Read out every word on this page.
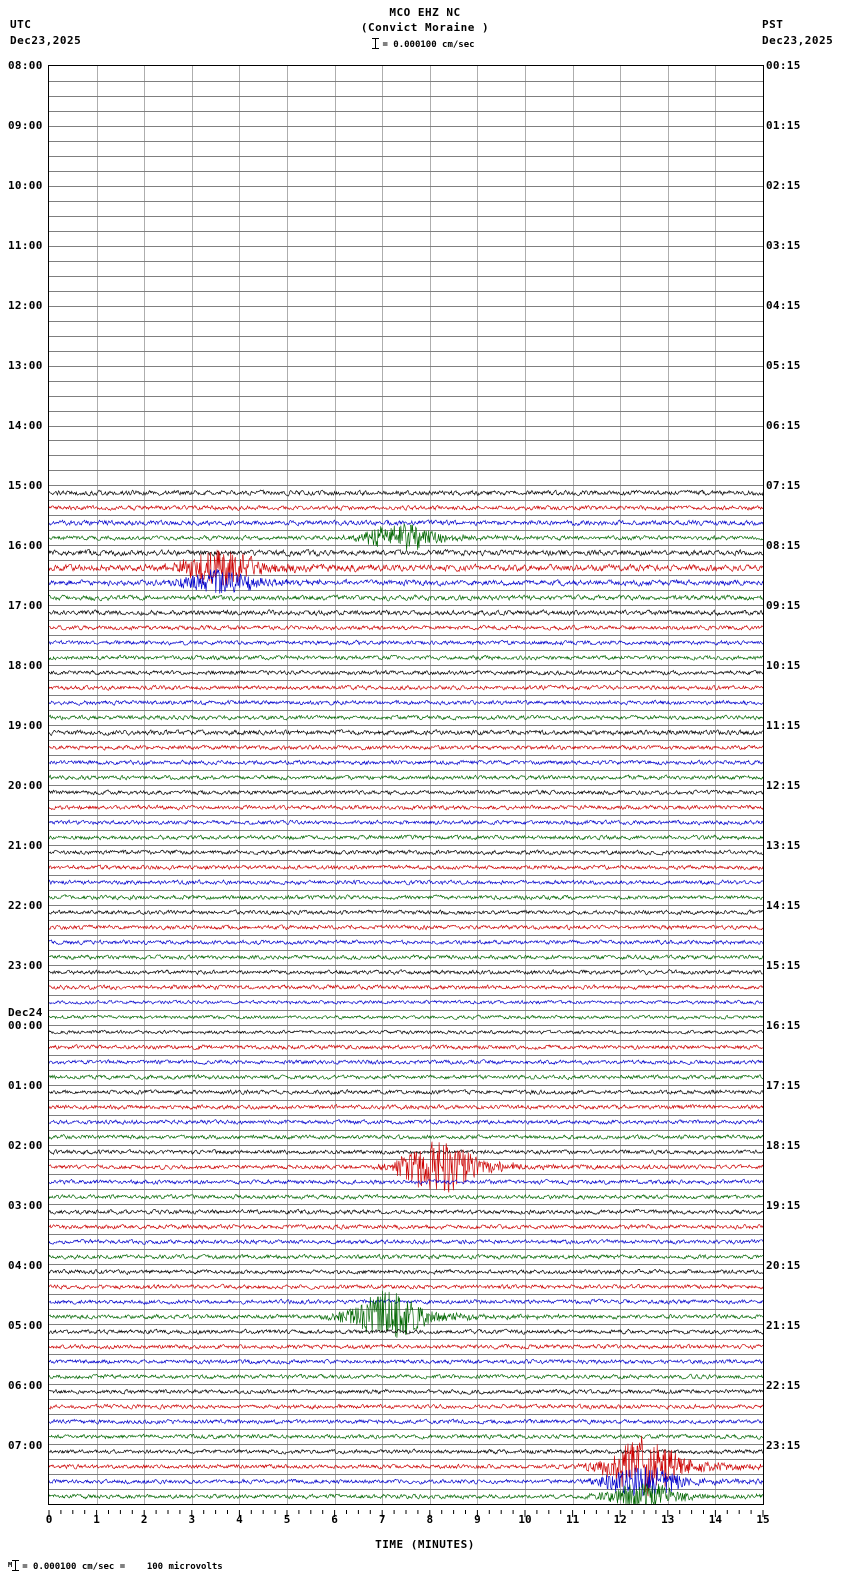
UTC
Dec23,2025
PST
Dec23,2025
MCO EHZ NC
(Convict Moraine )
= 0.000100 cm/sec
08:00
09:00
10:00
11:00
12:00
13:00
14:00
15:00
16:00
17:00
18:00
19:00
20:00
21:00
22:00
23:00
Dec24
00:00
01:00
02:00
03:00
04:00
05:00
06:00
07:00
00:15
01:15
02:15
03:15
04:15
05:15
06:15
07:15
08:15
09:15
10:15
11:15
12:15
13:15
14:15
15:15
16:15
17:15
18:15
19:15
20:15
21:15
22:15
23:15
0	1	2	3	4	5	6	7	8	9	10	11	12	13	14	15
TIME (MINUTES)
$^M$ = 0.000100 cm/sec =    100 microvolts
